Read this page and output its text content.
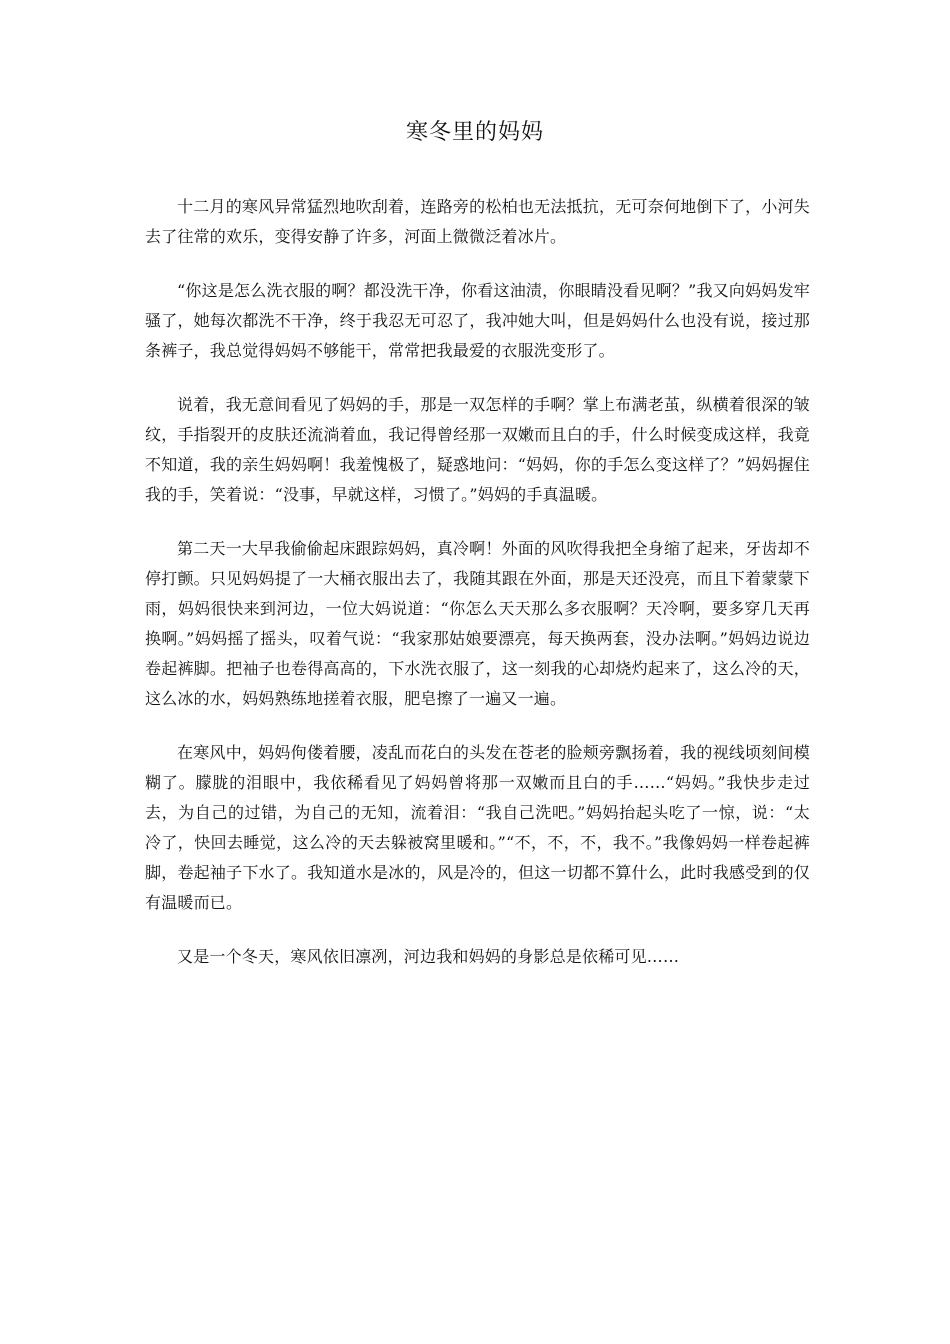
寒冬里的妈妈

十二月的寒风异常猛烈地吹刮着，连路旁的松柏也无法抵抗，无可奈何地倒下了，小河失去了往常的欢乐，变得安静了许多，河面上微微泛着冰片。

“你这是怎么洗衣服的啊？都没洗干净，你看这油渍，你眼睛没看见啊？”我又向妈妈发牢骚了，她每次都洗不干净，终于我忍无可忍了，我冲她大叫，但是妈妈什么也没有说，接过那条裤子，我总觉得妈妈不够能干，常常把我最爱的衣服洗变形了。

说着，我无意间看见了妈妈的手，那是一双怎样的手啊？掌上布满老茧，纵横着很深的皱纹，手指裂开的皮肤还流淌着血，我记得曾经那一双嫩而且白的手，什么时候变成这样，我竟不知道，我的亲生妈妈啊！我羞愧极了，疑惑地问：“妈妈，你的手怎么变这样了？”妈妈握住我的手，笑着说：“没事，早就这样，习惯了。”妈妈的手真温暖。

第二天一大早我偷偷起床跟踪妈妈，真冷啊！外面的风吹得我把全身缩了起来，牙齿却不停打颤。只见妈妈提了一大桶衣服出去了，我随其跟在外面，那是天还没亮，而且下着蒙蒙下雨，妈妈很快来到河边，一位大妈说道：“你怎么天天那么多衣服啊？天冷啊，要多穿几天再换啊。”妈妈摇了摇头，叹着气说：“我家那姑娘要漂亮，每天换两套，没办法啊。”妈妈边说边卷起裤脚。把袖子也卷得高高的，下水洗衣服了，这一刻我的心却烧灼起来了，这么冷的天，这么冰的水，妈妈熟练地搓着衣服，肥皂擦了一遍又一遍。

在寒风中，妈妈佝偻着腰，凌乱而花白的头发在苍老的脸颊旁飘扬着，我的视线顷刻间模糊了。朦胧的泪眼中，我依稀看见了妈妈曾将那一双嫩而且白的手……“妈妈。”我快步走过去，为自己的过错，为自己的无知，流着泪：“我自己洗吧。”妈妈抬起头吃了一惊，说：“太冷了，快回去睡觉，这么冷的天去躲被窝里暖和。”“不，不，不，我不。”我像妈妈一样卷起裤脚，卷起袖子下水了。我知道水是冰的，风是冷的，但这一切都不算什么，此时我感受到的仅有温暖而已。

又是一个冬天，寒风依旧凛冽，河边我和妈妈的身影总是依稀可见……
